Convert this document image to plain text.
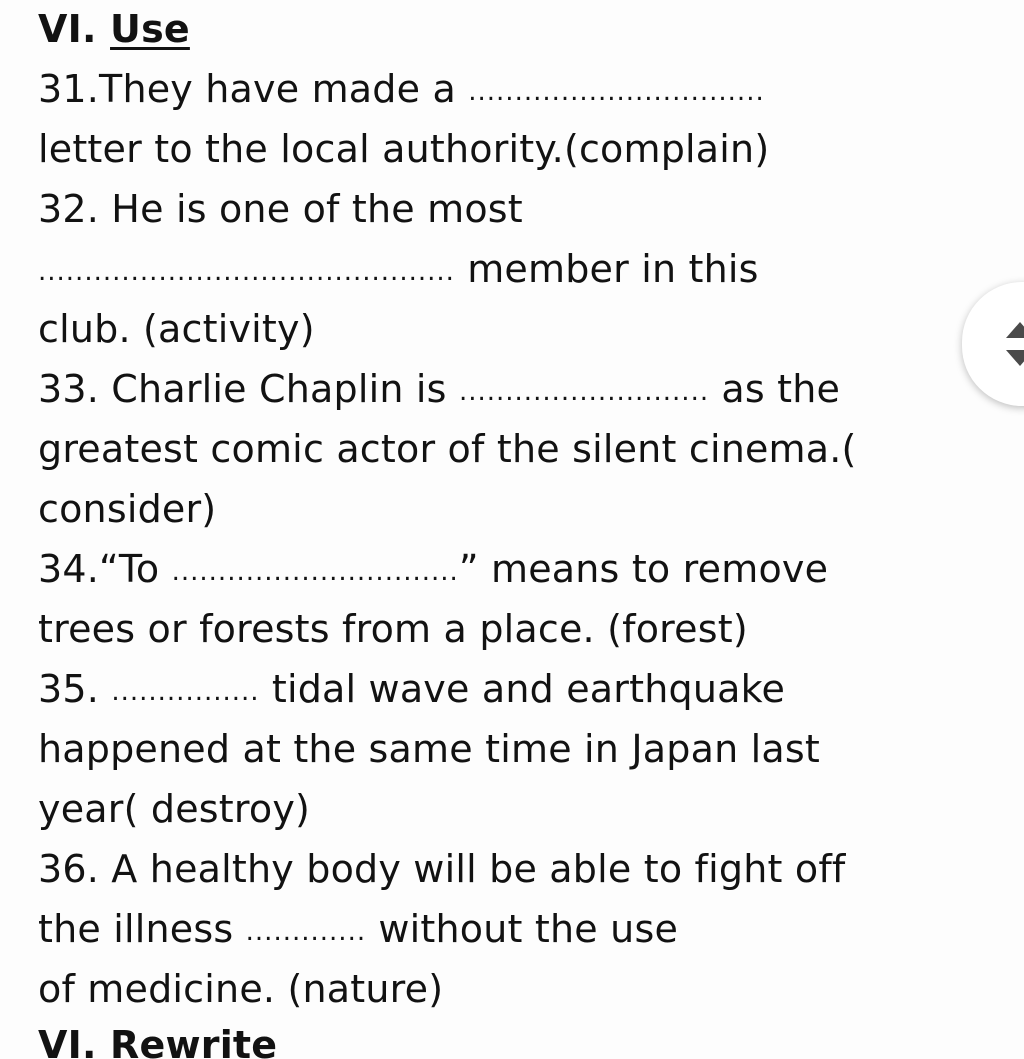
VI. Use
31.They have made a ................................
letter to the local authority.(complain)
32. He is one of the most
............................................. member in this
club. (activity)
33. Charlie Chaplin is ........................... as the
greatest comic actor of the silent cinema.(
consider)
34.“To ...............................” means to remove
trees or forests from a place. (forest)
35. ................ tidal wave and earthquake
happened at the same time in Japan last
year( destroy)
36. A healthy body will be able to fight off
the illness ............. without the use
of medicine. (nature)
VI. Rewrite
